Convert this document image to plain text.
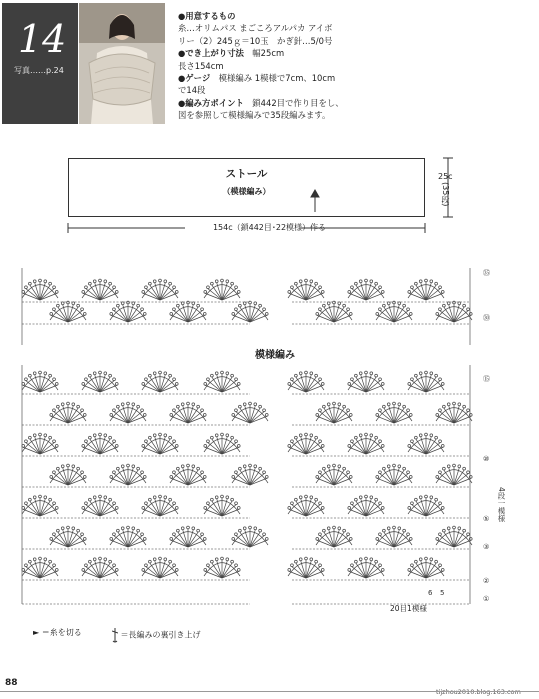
14
写真……p.24
●用意するもの
糸…オリムパス まごころアルパカ アイボ
リー（2）245ｇ＝10玉　かぎ針…5/0号
●でき上がり寸法　幅25cm
長さ154cm
●ゲージ　模様編み 1模様で7cm、10cm
で14段
●編み方ポイント　鎖442目で作り目をし、
図を参照して模様編みで35段編みます。
ストール
（模様編み）
25c
(35段)
154c（鎖442目･22模様）作る
模様編み
㉟
㉚
⑮
⑩
⑤
③
②
①
4段一模様
6 5
20目1模様
► ＝糸を切る	＝長編みの裏引き上げ
88
tijzhou2010.blog.163.com
